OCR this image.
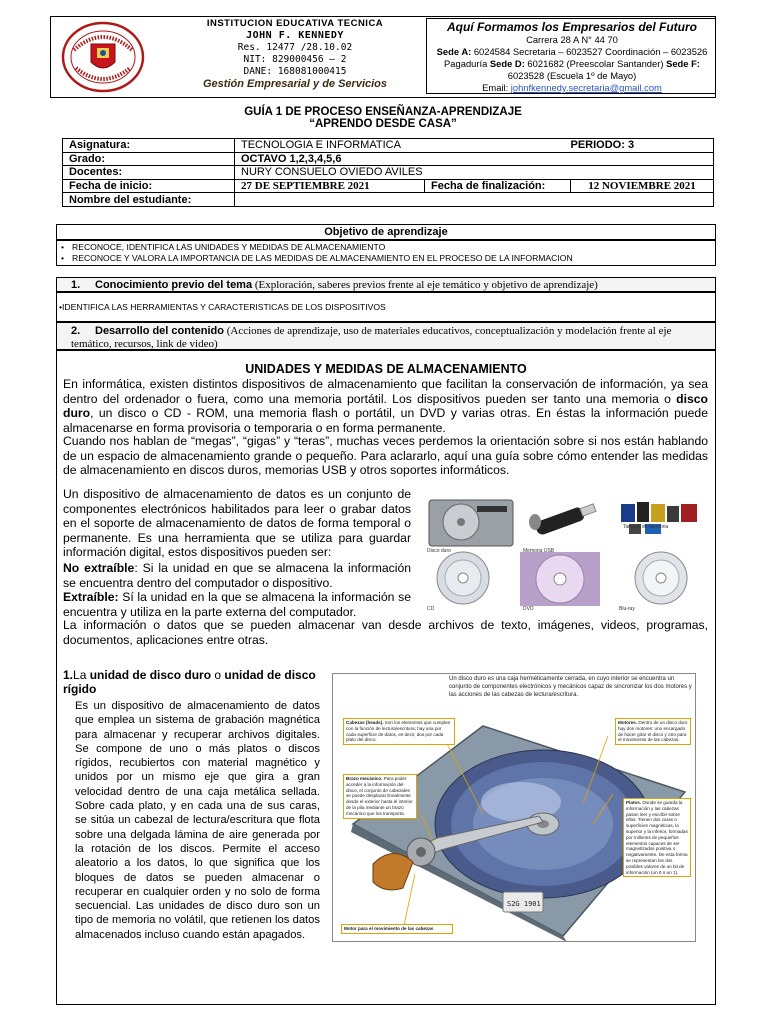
INSTITUCION EDUCATIVA TECNICA
JOHN F. KENNEDY
Res. 12477 /28.10.02
NIT: 829000456 – 2
DANE: 168081000415
Gestión Empresarial y de Servicios
Aquí Formamos los Empresarios del Futuro
Carrera 28 A N° 44 70
Sede A: 6024584 Secretaria – 6023527 Coordinación – 6023526 Pagaduría Sede D: 6021682 (Preescolar Santander) Sede F: 6023528 (Escuela 1º de Mayo)
Email: johnfkennedy.secretaria@gmail.com
GUÍA 1 DE PROCESO ENSEÑANZA-APRENDIZAJE
“APRENDO DESDE CASA”
Asignatura:	TECNOLOGIA E INFORMATICA		PERIODO: 3
Grado:	OCTAVO 1,2,3,4,5,6		
Docentes:	NURY CONSUELO OVIEDO AVILES		
Fecha de inicio:	27 DE SEPTIEMBRE 2021	Fecha de finalización:	12 NOVIEMBRE 2021
Nombre del estudiante:			
Objetivo de aprendizaje
• RECONOCE, IDENTIFICA LAS UNIDADES Y MEDIDAS DE ALMACENAMIENTO
• RECONOCE Y VALORA LA IMPORTANCIA DE LAS MEDIDAS DE ALMACENAMIENTO EN EL PROCESO DE LA INFORMACION
1. Conocimiento previo del tema (Exploración, saberes previos frente al eje temático y objetivo de aprendizaje)
•IDENTIFICA LAS HERRAMIENTAS Y CARACTERISTICAS DE LOS DISPOSITIVOS
2. Desarrollo del contenido (Acciones de aprendizaje, uso de materiales educativos, conceptualización y modelación frente al eje temático, recursos, link de video)
UNIDADES Y MEDIDAS DE ALMACENAMIENTO
En informática, existen distintos dispositivos de almacenamiento que facilitan la conservación de información, ya sea dentro del ordenador o fuera, como una memoria portátil. Los dispositivos pueden ser tanto una memoria o disco duro, un disco o CD - ROM, una memoria flash o portátil, un DVD y varias otras. En éstas la información puede almacenarse en forma provisoria o temporaria o en forma permanente.
Cuando nos hablan de “megas”, “gigas” y “teras”, muchas veces perdemos la orientación sobre si nos están hablando de un espacio de almacenamiento grande o pequeño. Para aclararlo, aquí una guía sobre cómo entender las medidas de almacenamiento en discos duros, memorias USB y otros soportes informáticos.
Un dispositivo de almacenamiento de datos es un conjunto de componentes electrónicos habilitados para leer o grabar datos en el soporte de almacenamiento de datos de forma temporal o permanente. Es una herramienta que se utiliza para guardar información digital, estos dispositivos pueden ser:
No extraíble: Si la unidad en que se almacena la información se encuentra dentro del computador o dispositivo.
Extraíble: Sí la unidad en la que se almacena la información se encuentra y utiliza en la parte externa del computador.
Disco duro	Memoria USB
Tarjetas de Memoria
CD	DVD	Blu-ray
La información o datos que se pueden almacenar van desde archivos de texto, imágenes, videos, programas, documentos, aplicaciones entre otras.
1.La unidad de disco duro o unidad de disco rígido
Es un dispositivo de almacenamiento de datos que emplea un sistema de grabación magnética para almacenar y recuperar archivos digitales. Se compone de uno o más platos o discos rígidos, recubiertos con material magnético y unidos por un mismo eje que gira a gran velocidad dentro de una caja metálica sellada. Sobre cada plato, y en cada una de sus caras, se sitúa un cabezal de lectura/escritura que flota sobre una delgada lámina de aire generada por la rotación de los discos. Permite el acceso aleatorio a los datos, lo que significa que los bloques de datos se pueden almacenar o recuperar en cualquier orden y no solo de forma secuencial. Las unidades de disco duro son un tipo de memoria no volátil, que retienen los datos almacenados incluso cuando están apagados.
Un disco duro es una caja herméticamente cerrada, en cuyo interior se encuentra un conjunto de componentes electrónicos y mecánicos capaz de sincronizar los dos motores y las acciones de las cabezas de lectura/escritura.
Cabezas (heads). Son los elementos que cumplen con la función de lectura/escritura; hay una por cada superficie de datos, es decir, dos por cada plato del disco.
Brazo mecánico. Para poder acceder a la información del disco, el conjunto de cabezales se puede desplazar linealmente desde el exterior hasta el interior de la pila mediante un brazo mecánico que los transporta.
Motores. Dentro de un disco duro hay dos motores: uno encargado de hacer girar el disco y otro para el movimiento de las cabezas.
Platos. Donde se guarda la información y las cabezas pasan leer y escribir sobre ellos. Tienen dos caras o superficies magnéticas, la superior y la inferior, formadas por millones de pequeños elementos capaces de ser magnetizados positiva o negativamente. De esta forma se representan los dos posibles valores de un bit de información (un 0 o un 1).
Motor para el movimiento de las cabezas
S2G 1901
